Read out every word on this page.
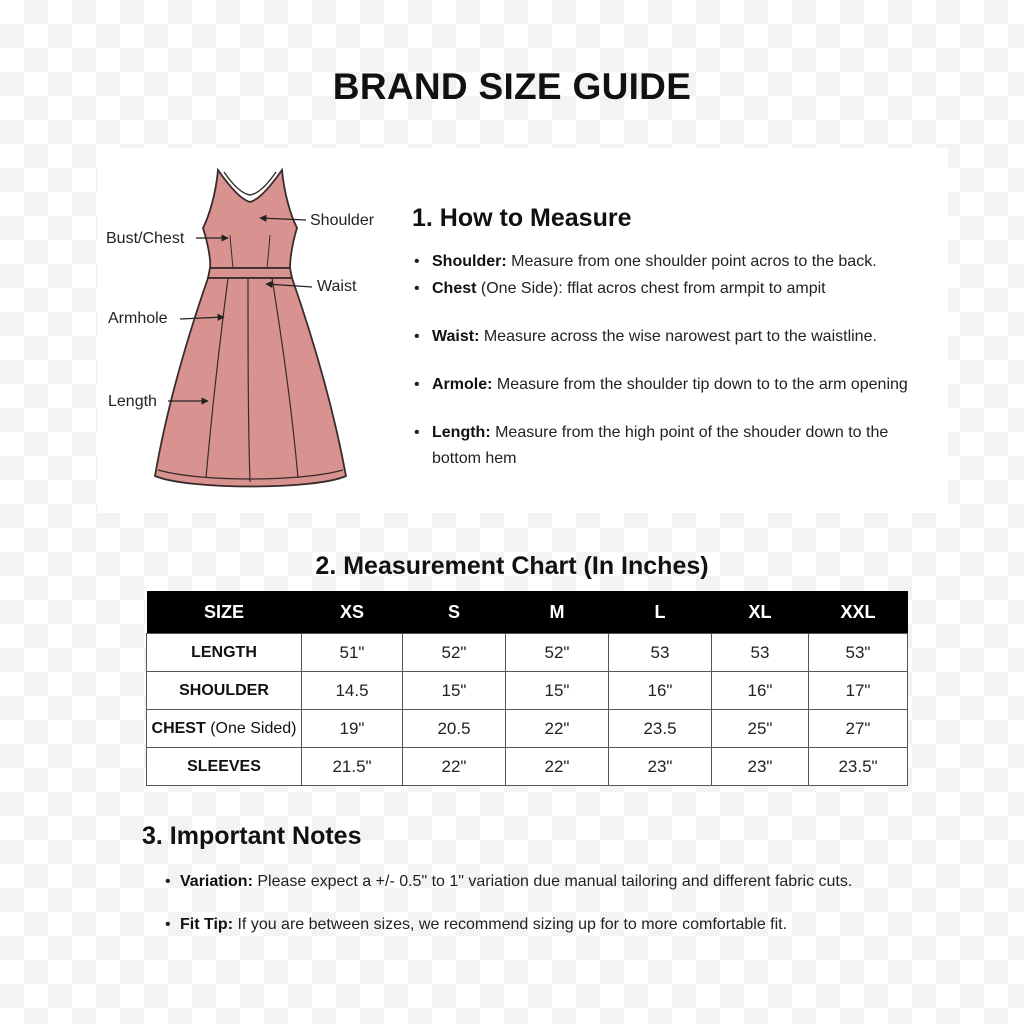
BRAND SIZE GUIDE
Bust/Chest
Shoulder
Waist
Armhole
Length
1. How to Measure
• Shoulder: Measure from one shoulder point acros to the back.
• Chest (One Side): fflat acros chest from armpit to ampit
• Waist: Measure across the wise narowest part to the waistline.
• Armole: Measure from the shoulder tip down to to the arm opening
• Length: Measure from the high point of the shouder down to the bottom hem
2. Measurement Chart (In Inches)
SIZE	XS	S	M	L	XL	XXL
LENGTH	51"	52"	52"	53	53	53"
SHOULDER	14.5	15"	15"	16"	16"	17"
CHEST (One Sided)	19"	20.5	22"	23.5	25"	27"
SLEEVES	21.5"	22"	22"	23"	23"	23.5"
3. Important Notes
• Variation: Please expect a +/- 0.5" to 1" variation due manual tailoring and different fabric cuts.
• Fit Tip: If you are between sizes, we recommend sizing up for to more comfortable fit.
